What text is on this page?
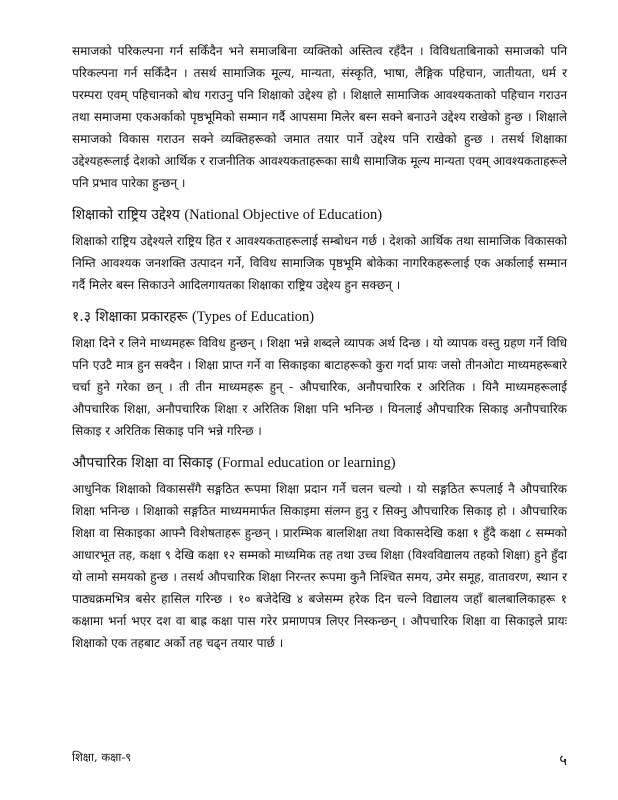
समाजको परिकल्पना गर्न सकिँदैन भने समाजबिना व्यक्तिको अस्तित्व रहँदैन । विविधताबिनाको समाजको पनि परिकल्पना गर्न सकिँदैन । तसर्थ सामाजिक मूल्य, मान्यता, संस्कृति, भाषा, लैङ्गिक पहिचान, जातीयता, धर्म र परम्परा एवम् पहिचानको बोध गराउनु पनि शिक्षाको उद्देश्य हो । शिक्षाले सामाजिक आवश्यकताको पहिचान गराउन तथा समाजमा एकअर्काको पृष्ठभूमिको सम्मान गर्दै आपसमा मिलेर बस्न सक्ने बनाउने उद्देश्य राखेको हुन्छ । शिक्षाले समाजको विकास गराउन सक्ने व्यक्तिहरूको जमात तयार पार्ने उद्देश्य पनि राखेको हुन्छ । तसर्थ शिक्षाका उद्देश्यहरूलाई देशको आर्थिक र राजनीतिक आवश्यकताहरूका साथै सामाजिक मूल्य मान्यता एवम् आवश्यकताहरूले पनि प्रभाव पारेका हुन्छन् ।

शिक्षाको राष्ट्रिय उद्देश्य (National Objective of Education)

शिक्षाको राष्ट्रिय उद्देश्यले राष्ट्रिय हित र आवश्यकताहरूलाई सम्बोधन गर्छ । देशको आर्थिक तथा सामाजिक विकासको निम्ति आवश्यक जनशक्ति उत्पादन गर्ने, विविध सामाजिक पृष्ठभूमि बोकेका नागरिकहरूलाई एक अर्कालाई सम्मान गर्दै मिलेर बस्न सिकाउने आदिलगायतका शिक्षाका राष्ट्रिय उद्देश्य हुन सक्छन् ।

१.३ शिक्षाका प्रकारहरू (Types of Education)

शिक्षा दिने र लिने माध्यमहरू विविध हुन्छन् । शिक्षा भन्ने शब्दले व्यापक अर्थ दिन्छ । यो व्यापक वस्तु ग्रहण गर्ने विधि पनि एउटै मात्र हुन सक्दैन । शिक्षा प्राप्त गर्ने वा सिकाइका बाटाहरूको कुरा गर्दा प्रायः जसो तीनओटा माध्यमहरूबारे चर्चा हुने गरेका छन् । ती तीन माध्यमहरू हुन् - औपचारिक, अनौपचारिक र अरितिक । यिनै माध्यमहरूलाई औपचारिक शिक्षा, अनौपचारिक शिक्षा र अरितिक शिक्षा पनि भनिन्छ । यिनलाई औपचारिक सिकाइ अनौपचारिक सिकाइ र अरितिक सिकाइ पनि भन्ने गरिन्छ ।

औपचारिक शिक्षा वा सिकाइ (Formal education or learning)

आधुनिक शिक्षाको विकाससँगै सङ्गठित रूपमा शिक्षा प्रदान गर्ने चलन चल्यो । यो सङ्गठित रूपलाई नै औपचारिक शिक्षा भनिन्छ । शिक्षाको सङ्गठित माध्यममार्फत सिकाइमा संलग्न हुनु र सिक्नु औपचारिक सिकाइ हो । औपचारिक शिक्षा वा सिकाइका आफ्नै विशेषताहरू हुन्छन् । प्रारम्भिक बालशिक्षा तथा विकासदेखि कक्षा १ हुँदै कक्षा ८ सम्मको आधारभूत तह, कक्षा ९ देखि कक्षा १२ सम्मको माध्यमिक तह तथा उच्च शिक्षा (विश्वविद्यालय तहको शिक्षा) हुने हुँदा यो लामो समयको हुन्छ । तसर्थ औपचारिक शिक्षा निरन्तर रूपमा कुनै निश्चित समय, उमेर समूह, वातावरण, स्थान र पाठ्यक्रमभित्र बसेर हासिल गरिन्छ । १० बजेदेखि ४ बजेसम्म हरेक दिन चल्ने विद्यालय जहाँ बालबालिकाहरू १ कक्षामा भर्ना भएर दश वा बाह्र कक्षा पास गरेर प्रमाणपत्र लिएर निस्कन्छन् । औपचारिक शिक्षा वा सिकाइले प्रायः शिक्षाको एक तहबाट अर्को तह चढ्न तयार पार्छ ।

शिक्षा, कक्षा-९	५
